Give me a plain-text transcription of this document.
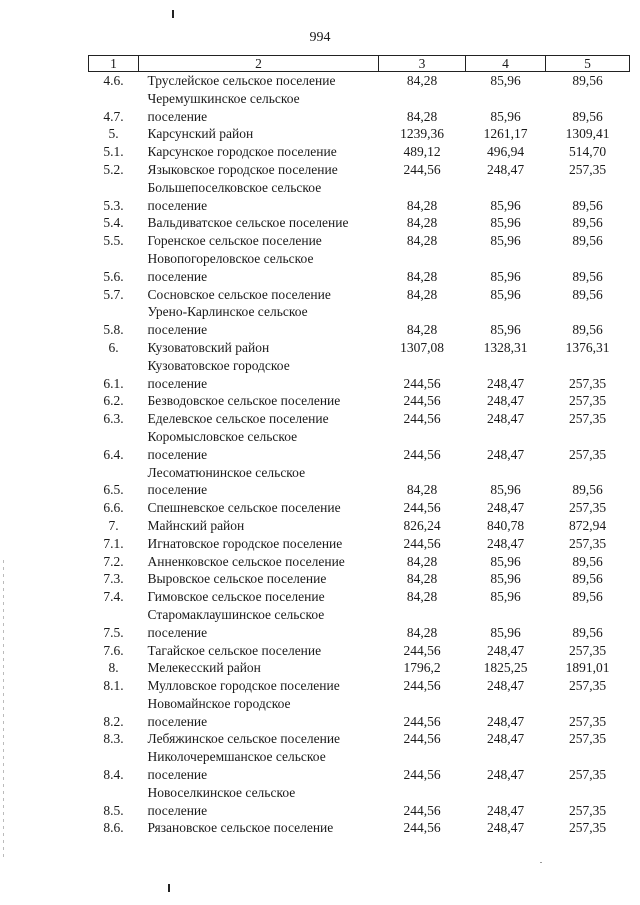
994
1	2	3	4	5
4.6.	Труслейское сельское поселение	84,28	85,96	89,56
4.7.	Черемушкинское сельское
поселение	84,28	85,96	89,56
5.	Карсунский район	1239,36	1261,17	1309,41
5.1.	Карсунское городское поселение	489,12	496,94	514,70
5.2.	Языковское городское поселение	244,56	248,47	257,35
5.3.	Большепоселковское сельское
поселение	84,28	85,96	89,56
5.4.	Вальдиватское сельское поселение	84,28	85,96	89,56
5.5.	Горенское сельское поселение	84,28	85,96	89,56
5.6.	Новопогореловское сельское
поселение	84,28	85,96	89,56
5.7.	Сосновское сельское поселение	84,28	85,96	89,56
5.8.	Урено-Карлинское сельское
поселение	84,28	85,96	89,56
6.	Кузоватовский район	1307,08	1328,31	1376,31
6.1.	Кузоватовское городское
поселение	244,56	248,47	257,35
6.2.	Безводовское сельское поселение	244,56	248,47	257,35
6.3.	Еделевское сельское поселение	244,56	248,47	257,35
6.4.	Коромысловское сельское
поселение	244,56	248,47	257,35
6.5.	Лесоматюнинское сельское
поселение	84,28	85,96	89,56
6.6.	Спешневское сельское поселение	244,56	248,47	257,35
7.	Майнский район	826,24	840,78	872,94
7.1.	Игнатовское городское поселение	244,56	248,47	257,35
7.2.	Анненковское сельское поселение	84,28	85,96	89,56
7.3.	Выровское сельское поселение	84,28	85,96	89,56
7.4.	Гимовское сельское поселение	84,28	85,96	89,56
7.5.	Старомаклаушинское сельское
поселение	84,28	85,96	89,56
7.6.	Тагайское сельское поселение	244,56	248,47	257,35
8.	Мелекесский район	1796,2	1825,25	1891,01
8.1.	Мулловское городское поселение	244,56	248,47	257,35
8.2.	Новомайнское городское
поселение	244,56	248,47	257,35
8.3.	Лебяжинское сельское поселение	244,56	248,47	257,35
8.4.	Николочеремшанское сельское
поселение	244,56	248,47	257,35
8.5.	Новоселкинское сельское
поселение	244,56	248,47	257,35
8.6.	Рязановское сельское поселение	244,56	248,47	257,35
